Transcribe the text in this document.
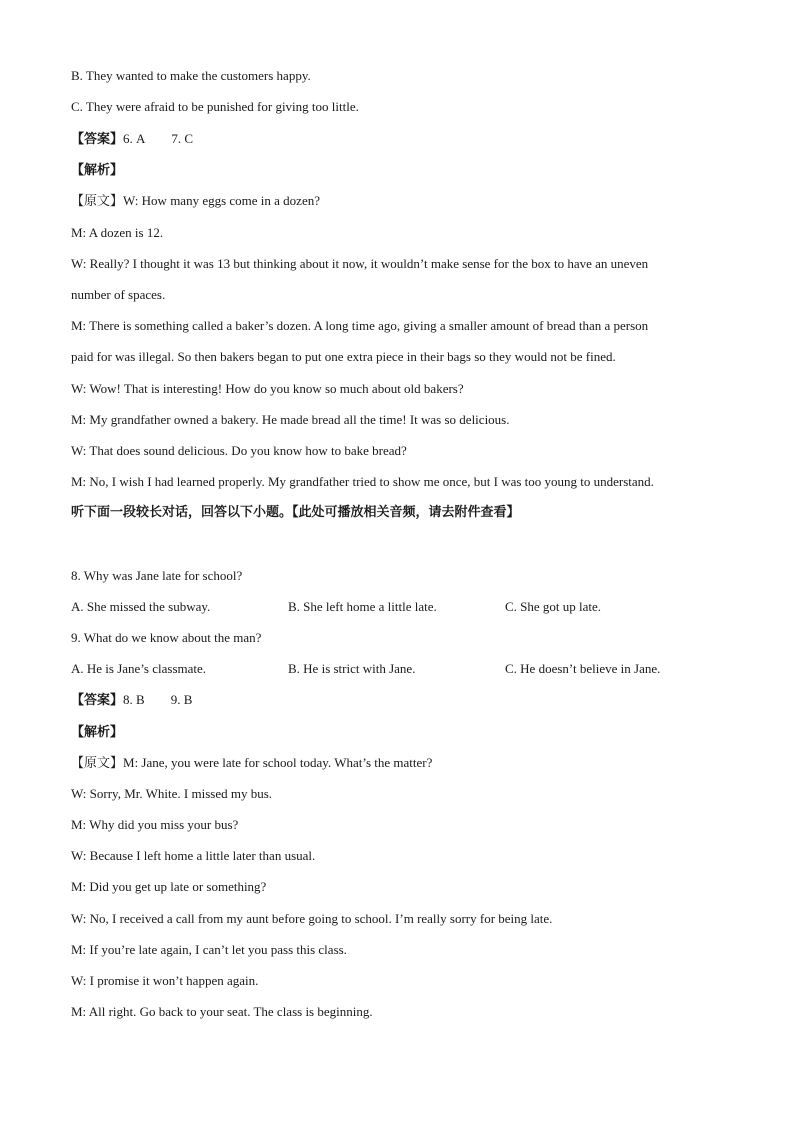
B. They wanted to make the customers happy.
C. They were afraid to be punished for giving too little.
【答案】6. A 7. C
【解析】
【原文】W: How many eggs come in a dozen?
M: A dozen is 12.
W: Really? I thought it was 13 but thinking about it now, it wouldn’t make sense for the box to have an uneven
number of spaces.
M: There is something called a baker’s dozen. A long time ago, giving a smaller amount of bread than a person
paid for was illegal. So then bakers began to put one extra piece in their bags so they would not be fined.
W: Wow! That is interesting! How do you know so much about old bakers?
M: My grandfather owned a bakery. He made bread all the time! It was so delicious.
W: That does sound delicious. Do you know how to bake bread?
M: No, I wish I had learned properly. My grandfather tried to show me once, but I was too young to understand.
听下面一段较长对话，回答以下小题。【此处可播放相关音频，请去附件查看】
8. Why was Jane late for school?
A. She missed the subway.	B. She left home a little late.	C. She got up late.
9. What do we know about the man?
A. He is Jane’s classmate.	B. He is strict with Jane.	C. He doesn’t believe in Jane.
【答案】8. B 9. B
【解析】
【原文】M: Jane, you were late for school today. What’s the matter?
W: Sorry, Mr. White. I missed my bus.
M: Why did you miss your bus?
W: Because I left home a little later than usual.
M: Did you get up late or something?
W: No, I received a call from my aunt before going to school. I’m really sorry for being late.
M: If you’re late again, I can’t let you pass this class.
W: I promise it won’t happen again.
M: All right. Go back to your seat. The class is beginning.
